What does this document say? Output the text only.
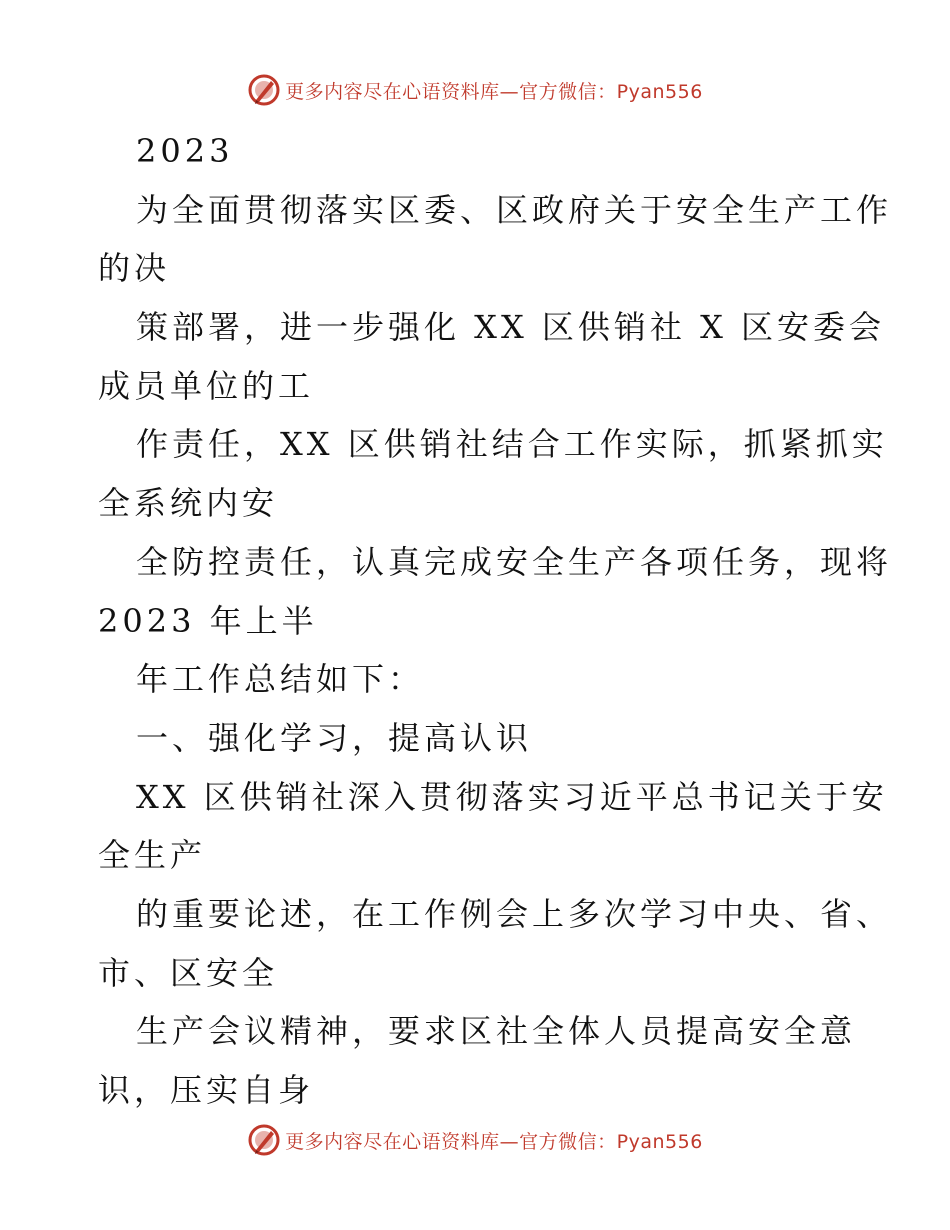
更多内容尽在心语资料库—官方微信：Pyan556
2023
为全面贯彻落实区委、区政府关于安全生产工作
的决
策部署，进一步强化 XX 区供销社 X 区安委会
成员单位的工
作责任，XX 区供销社结合工作实际，抓紧抓实
全系统内安
全防控责任，认真完成安全生产各项任务，现将
2023 年上半
年工作总结如下：
一、强化学习，提高认识
XX 区供销社深入贯彻落实习近平总书记关于安
全生产
的重要论述，在工作例会上多次学习中央、省、
市、区安全
生产会议精神，要求区社全体人员提高安全意
识，压实自身
更多内容尽在心语资料库—官方微信：Pyan556
